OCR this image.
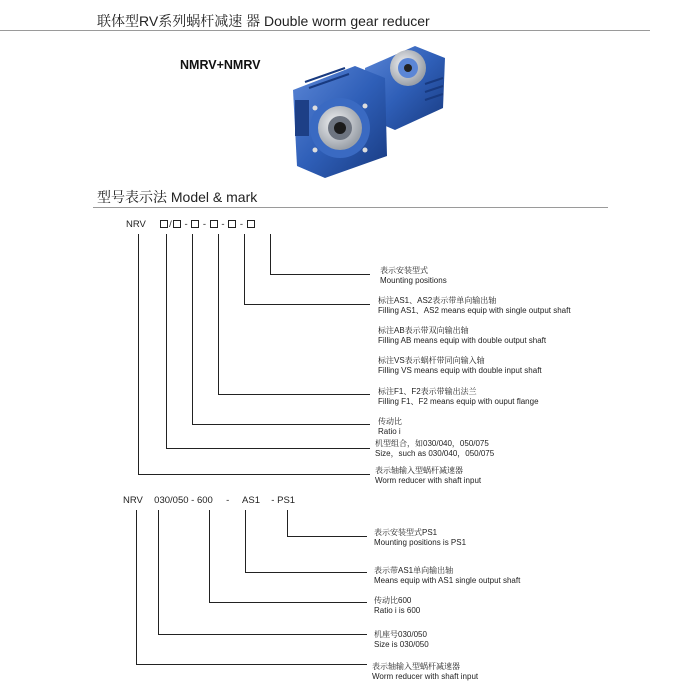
联体型RV系列蜗杆减速 器 Double worm gear reducer
NMRV+NMRV
型号表示法 Model & mark
NRV / - - - -
表示安装型式
Mounting positions
标注AS1、AS2表示带单向输出轴
Filling AS1、AS2 means equip with single output shaft
标注AB表示带双向输出轴
Filling AB means equip with double output shaft
标注VS表示蜗杆带同向输入轴
Filling VS means equip with double input shaft
标注F1、F2表示带输出法兰
Filling F1、F2 means equip with ouput flange
传动比
Ratio i
机型组合，如030/040，050/075
Size，such as 030/040，050/075
表示轴输入型蜗杆减速器
Worm reducer with shaft input
NRV 030/050 - 600 - AS1 - PS1
表示安装型式PS1
Mounting positions is PS1
表示带AS1单向输出轴
Means equip with AS1 single output shaft
传动比600
Ratio i is 600
机座号030/050
Size is 030/050
表示轴输入型蜗杆减速器
Worm reducer with shaft input
